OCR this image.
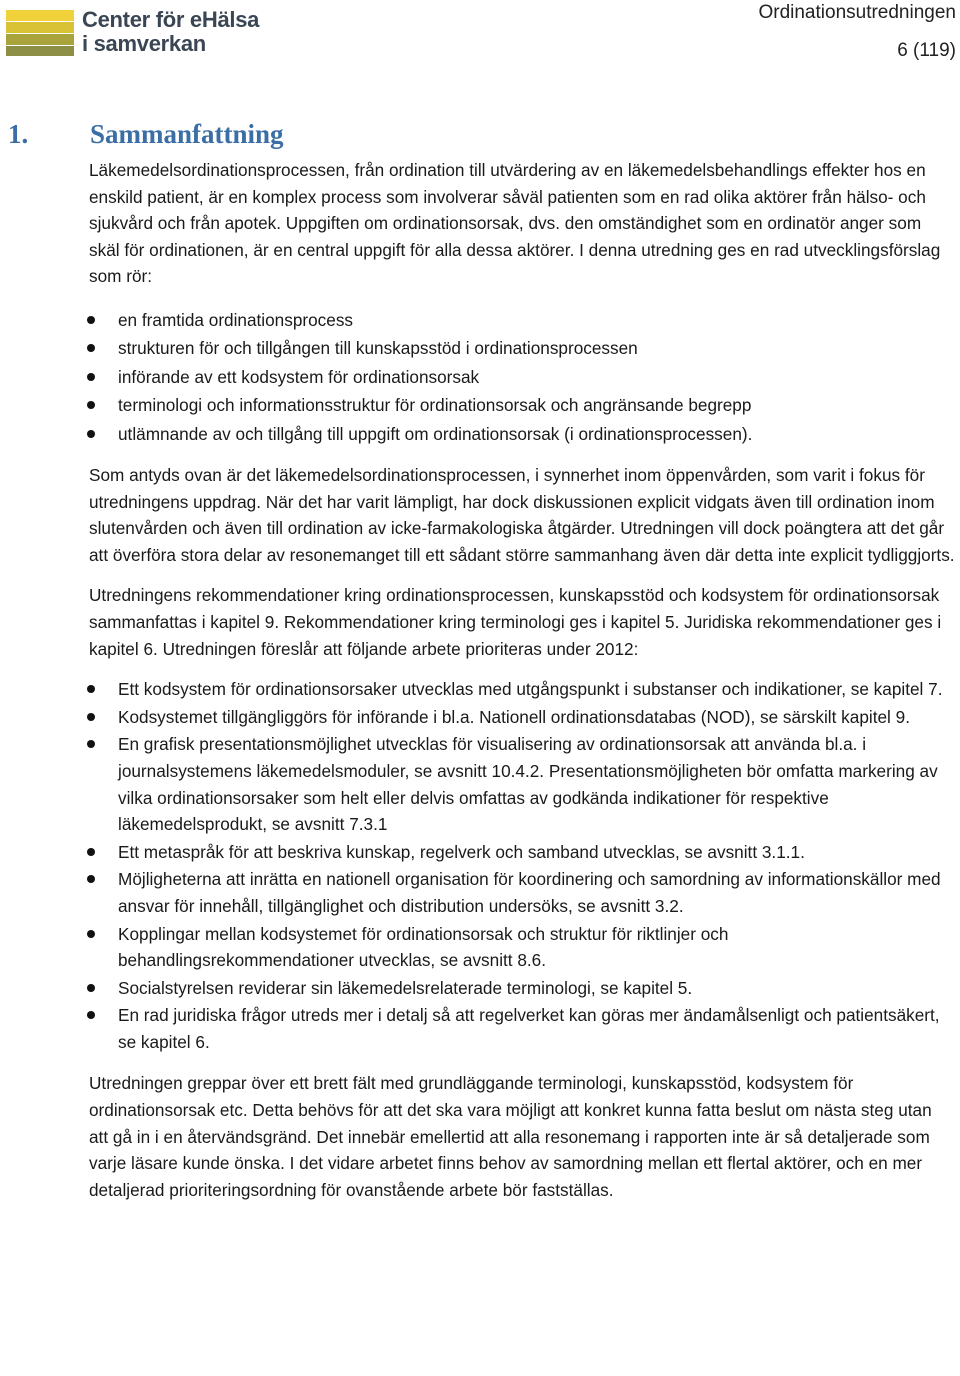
Center för eHälsa
i samverkan
Ordinationsutredningen
6 (119)
1. Sammanfattning

Läkemedelsordinationsprocessen, från ordination till utvärdering av en läkemedelsbehandlings effekter hos en enskild patient, är en komplex process som involverar såväl patienten som en rad olika aktörer från hälso- och sjukvård och från apotek. Uppgiften om ordinationsorsak, dvs. den omständighet som en ordinatör anger som skäl för ordinationen, är en central uppgift för alla dessa aktörer. I denna utredning ges en rad utvecklingsförslag som rör:

en framtida ordinationsprocess
strukturen för och tillgången till kunskapsstöd i ordinationsprocessen
införande av ett kodsystem för ordinationsorsak
terminologi och informationsstruktur för ordinationsorsak och angränsande begrepp
utlämnande av och tillgång till uppgift om ordinationsorsak (i ordinationsprocessen).

Som antyds ovan är det läkemedelsordinationsprocessen, i synnerhet inom öppenvården, som varit i fokus för utredningens uppdrag. När det har varit lämpligt, har dock diskussionen explicit vidgats även till ordination inom slutenvården och även till ordination av icke-farmakologiska åtgärder. Utredningen vill dock poängtera att det går att överföra stora delar av resonemanget till ett sådant större sammanhang även där detta inte explicit tydliggjorts.

Utredningens rekommendationer kring ordinationsprocessen, kunskapsstöd och kodsystem för ordinationsorsak sammanfattas i kapitel 9. Rekommendationer kring terminologi ges i kapitel 5. Juridiska rekommendationer ges i kapitel 6. Utredningen föreslår att följande arbete prioriteras under 2012:

Ett kodsystem för ordinationsorsaker utvecklas med utgångspunkt i substanser och indikationer, se kapitel 7.
Kodsystemet tillgängliggörs för införande i bl.a. Nationell ordinationsdatabas (NOD), se särskilt kapitel 9.
En grafisk presentationsmöjlighet utvecklas för visualisering av ordinationsorsak att använda bl.a. i journalsystemens läkemedelsmoduler, se avsnitt 10.4.2. Presentationsmöjligheten bör omfatta markering av vilka ordinationsorsaker som helt eller delvis omfattas av godkända indikationer för respektive läkemedelsprodukt, se avsnitt 7.3.1
Ett metaspråk för att beskriva kunskap, regelverk och samband utvecklas, se avsnitt 3.1.1.
Möjligheterna att inrätta en nationell organisation för koordinering och samordning av informationskällor med ansvar för innehåll, tillgänglighet och distribution undersöks, se avsnitt 3.2.
Kopplingar mellan kodsystemet för ordinationsorsak och struktur för riktlinjer och behandlingsrekommendationer utvecklas, se avsnitt 8.6.
Socialstyrelsen reviderar sin läkemedelsrelaterade terminologi, se kapitel 5.
En rad juridiska frågor utreds mer i detalj så att regelverket kan göras mer ändamålsenligt och patientsäkert, se kapitel 6.

Utredningen greppar över ett brett fält med grundläggande terminologi, kunskapsstöd, kodsystem för ordinationsorsak etc. Detta behövs för att det ska vara möjligt att konkret kunna fatta beslut om nästa steg utan att gå in i en återvändsgränd. Det innebär emellertid att alla resonemang i rapporten inte är så detaljerade som varje läsare kunde önska. I det vidare arbetet finns behov av samordning mellan ett flertal aktörer, och en mer detaljerad prioriteringsordning för ovanstående arbete bör fastställas.
